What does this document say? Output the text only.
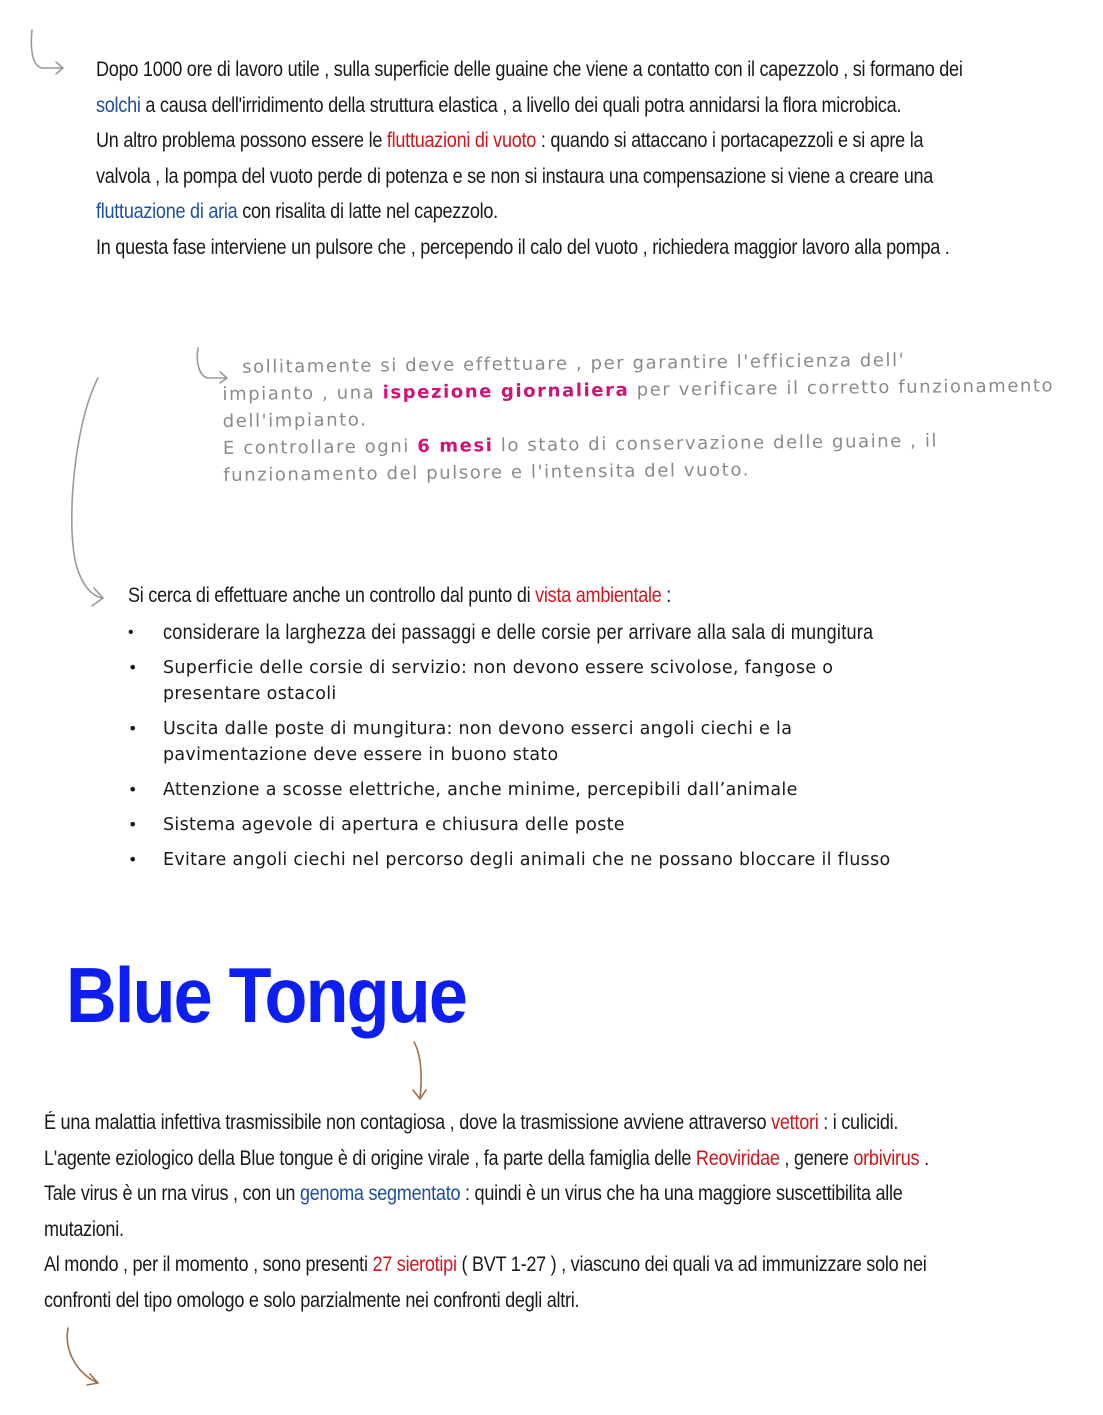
Dopo 1000 ore di lavoro utile , sulla superficie delle guaine che viene a contatto con il capezzolo , si formano dei solchi a causa dell'irridimento della struttura elastica , a livello dei quali potra annidarsi la flora microbica.

Un altro problema possono essere le fluttuazioni di vuoto : quando si attaccano i portacapezzoli e si apre la valvola , la pompa del vuoto perde di potenza e se non si instaura una compensazione si viene a creare una fluttuazione di aria con risalita di latte nel capezzolo.

In questa fase interviene un pulsore che , percependo il calo del vuoto , richiedera maggior lavoro alla pompa .

sollitamente si deve effettuare , per garantire l'efficienza dell'

impianto , una ispezione giornaliera per verificare il corretto funzionamento

dell'impianto.

E controllare ogni 6 mesi lo stato di conservazione delle guaine , il

funzionamento del pulsore e l'intensita del vuoto.

Si cerca di effettuare anche un controllo dal punto di vista ambientale :
• considerare la larghezza dei passaggi e delle corsie per arrivare alla sala di mungitura
• Superficie delle corsie di servizio: non devono essere scivolose, fangose o presentare ostacoli
• Uscita dalle poste di mungitura: non devono esserci angoli ciechi e la pavimentazione deve essere in buono stato
• Attenzione a scosse elettriche, anche minime, percepibili dall’animale
• Sistema agevole di apertura e chiusura delle poste
• Evitare angoli ciechi nel percorso degli animali che ne possano bloccare il flusso
Blue Tongue

É una malattia infettiva trasmissibile non contagiosa , dove la trasmissione avviene attraverso vettori : i culicidi.

L'agente eziologico della Blue tongue è di origine virale , fa parte della famiglia delle Reoviridae , genere orbivirus .

Tale virus è un rna virus , con un genoma segmentato : quindi è un virus che ha una maggiore suscettibilita alle mutazioni.

Al mondo , per il momento , sono presenti 27 sierotipi ( BVT 1-27 ) , viascuno dei quali va ad immunizzare solo nei confronti del tipo omologo e solo parzialmente nei confronti degli altri.
